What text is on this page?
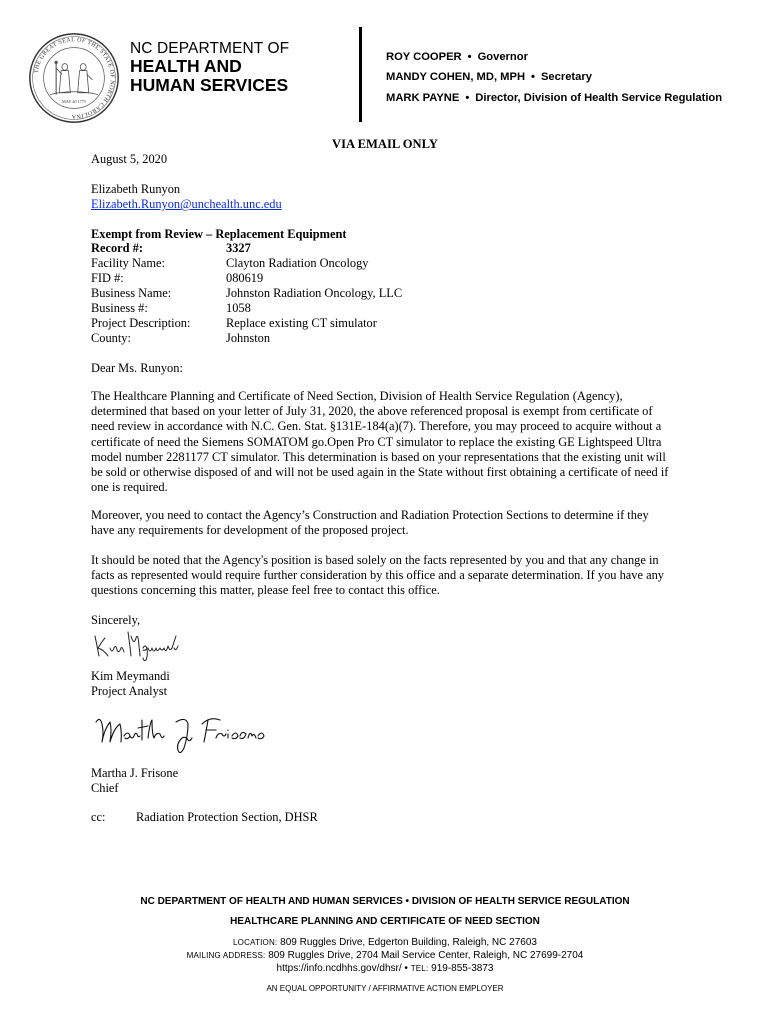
THE GREAT SEAL OF THE STATE OF NORTH CAROLINA
MAY 20 1775
NC DEPARTMENT OF
HEALTH AND
HUMAN SERVICES
ROY COOPER • Governor
MANDY COHEN, MD, MPH • Secretary
MARK PAYNE • Director, Division of Health Service Regulation
VIA EMAIL ONLY
August 5, 2020
Elizabeth Runyon
Elizabeth.Runyon@unchealth.unc.edu
Exempt from Review – Replacement Equipment
Record #:	3327
Facility Name:	Clayton Radiation Oncology
FID #:	080619
Business Name:	Johnston Radiation Oncology, LLC
Business #:	1058
Project Description:	Replace existing CT simulator
County:	Johnston
Dear Ms. Runyon:
The Healthcare Planning and Certificate of Need Section, Division of Health Service Regulation (Agency),
determined that based on your letter of July 31, 2020, the above referenced proposal is exempt from certificate of
need review in accordance with N.C. Gen. Stat. §131E-184(a)(7). Therefore, you may proceed to acquire without a
certificate of need the Siemens SOMATOM go.Open Pro CT simulator to replace the existing GE Lightspeed Ultra
model number 2281177 CT simulator. This determination is based on your representations that the existing unit will
be sold or otherwise disposed of and will not be used again in the State without first obtaining a certificate of need if
one is required.
Moreover, you need to contact the Agency’s Construction and Radiation Protection Sections to determine if they
have any requirements for development of the proposed project.
It should be noted that the Agency's position is based solely on the facts represented by you and that any change in
facts as represented would require further consideration by this office and a separate determination. If you have any
questions concerning this matter, please feel free to contact this office.
Sincerely,
Kim Meymandi
Project Analyst
Martha J. Frisone
Chief
cc: Radiation Protection Section, DHSR
NC DEPARTMENT OF HEALTH AND HUMAN SERVICES • DIVISION OF HEALTH SERVICE REGULATION
HEALTHCARE PLANNING AND CERTIFICATE OF NEED SECTION
LOCATION: 809 Ruggles Drive, Edgerton Building, Raleigh, NC 27603
MAILING ADDRESS: 809 Ruggles Drive, 2704 Mail Service Center, Raleigh, NC 27699-2704
https://info.ncdhhs.gov/dhsr/ • TEL: 919-855-3873
AN EQUAL OPPORTUNITY / AFFIRMATIVE ACTION EMPLOYER
